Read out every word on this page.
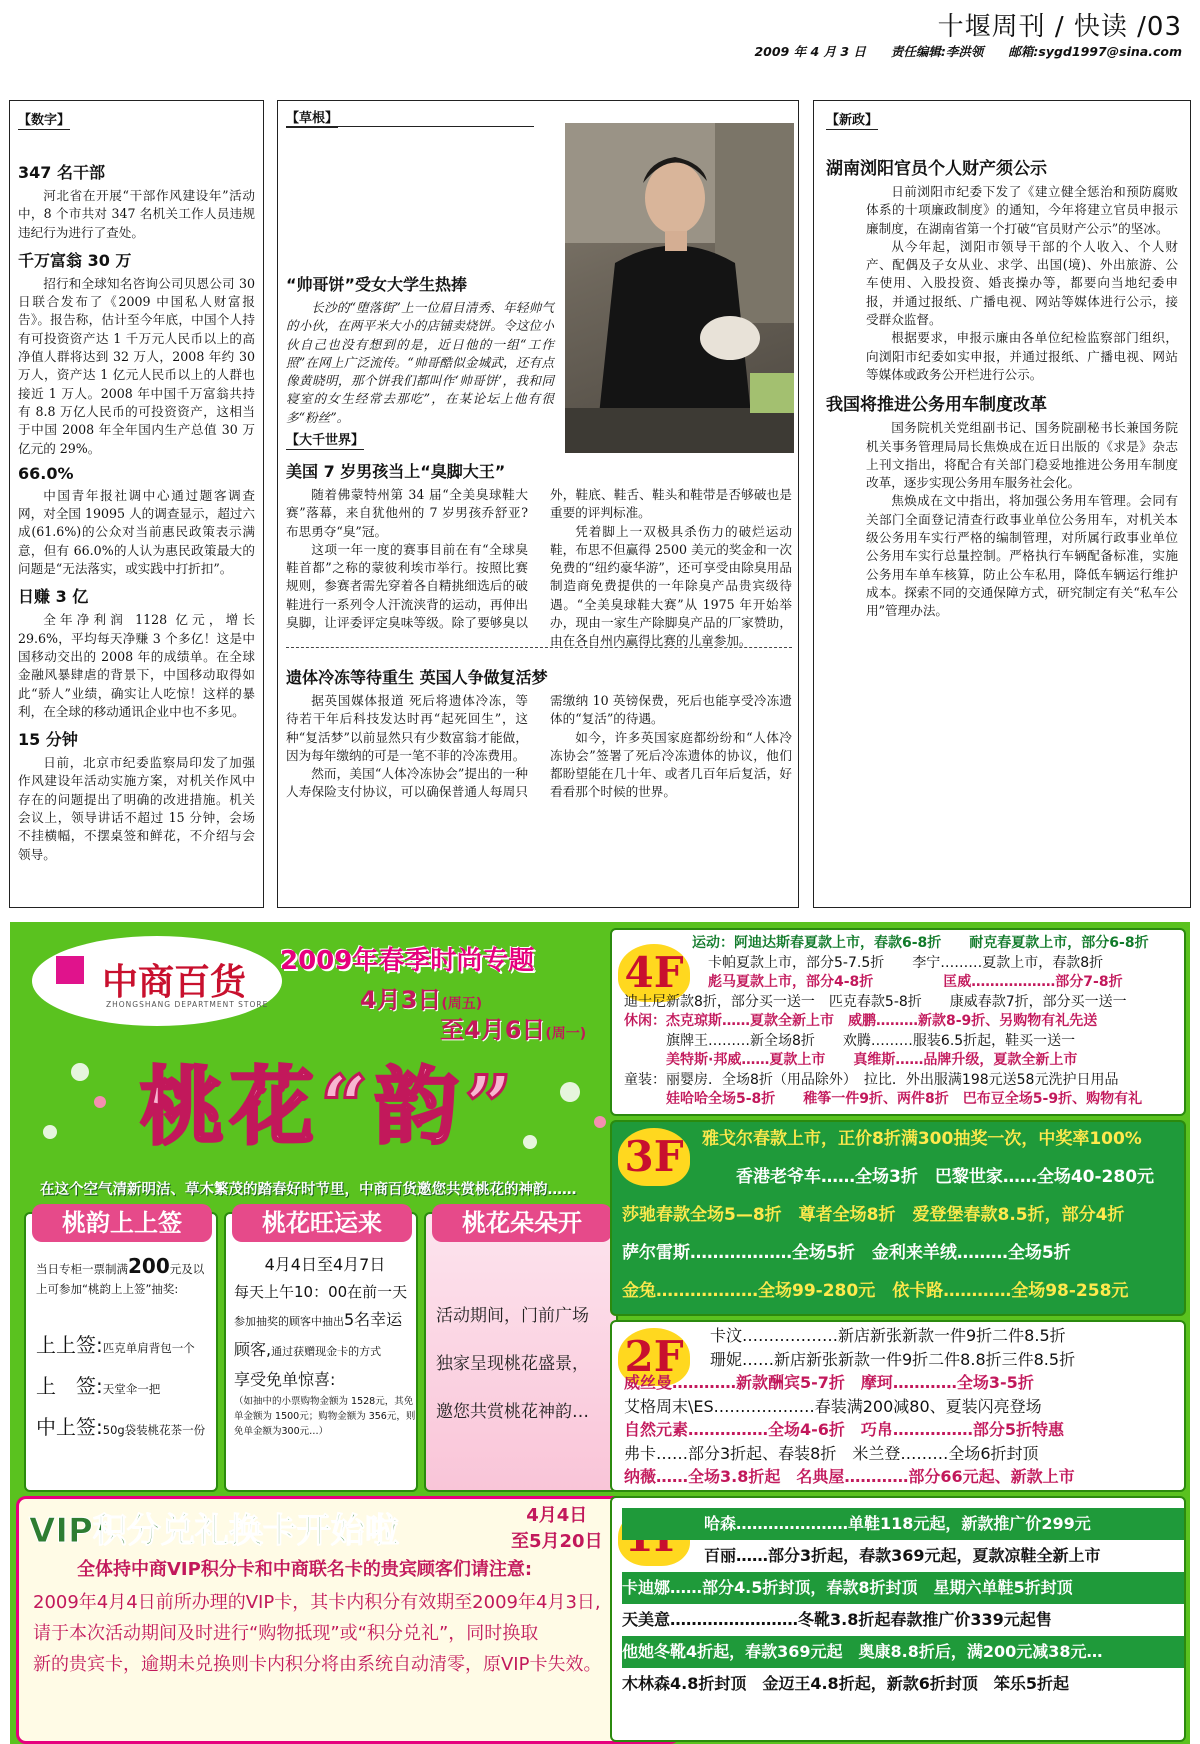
十堰周刊 / 快读 /03
2009 年 4 月 3 日　　责任编辑:李洪领　　邮箱:sygd1997@sina.com
【数字】
347 名干部

河北省在开展“干部作风建设年”活动中，8 个市共对 347 名机关工作人员违规违纪行为进行了查处。

千万富翁 30 万

招行和全球知名咨询公司贝恩公司 30 日联合发布了《2009 中国私人财富报告》。报告称，估计至今年底，中国个人持有可投资资产达 1 千万元人民币以上的高净值人群将达到 32 万人，2008 年约 30 万人，资产达 1 亿元人民币以上的人群也接近 1 万人。2008 年中国千万富翁共持有 8.8 万亿人民币的可投资资产，这相当于中国 2008 年全年国内生产总值 30 万亿元的 29%。

66.0%

中国青年报社调中心通过题客调查网，对全国 19095 人的调查显示，超过六成(61.6%)的公众对当前惠民政策表示满意，但有 66.0%的人认为惠民政策最大的问题是“无法落实，或实践中打折扣”。

日赚 3 亿

全年净利润 1128 亿元，增长 29.6%，平均每天净赚 3 个多亿！这是中国移动交出的 2008 年的成绩单。在全球金融风暴肆虐的背景下，中国移动取得如此“骄人”业绩，确实让人吃惊！这样的暴利，在全球的移动通讯企业中也不多见。

15 分钟

日前，北京市纪委监察局印发了加强作风建设年活动实施方案，对机关作风中存在的问题提出了明确的改进措施。机关会议上，领导讲话不超过 15 分钟，会场不挂横幅，不摆桌签和鲜花，不介绍与会领导。

【草根】
“帅哥饼”受女大学生热捧

长沙的“堕落街”上一位眉目清秀、年轻帅气的小伙，在两平米大小的店铺卖烧饼。令这位小伙自己也没有想到的是，近日他的一组“工作照”在网上广泛流传。“帅哥酷似金城武，还有点像黄晓明，那个饼我们都叫作‘帅哥饼’，我和同寝室的女生经常去那吃”，在某论坛上他有很多“粉丝”。

【大千世界】
美国 7 岁男孩当上“臭脚大王”

随着佛蒙特州第 34 届“全美臭球鞋大赛”落幕，来自犹他州的 7 岁男孩乔舒亚?布思勇夺“臭”冠。

这项一年一度的赛事目前在有“全球臭鞋首都”之称的蒙彼利埃市举行。按照比赛规则，参赛者需先穿着各自精挑细选后的破鞋进行一系列令人汗流浃背的运动，再伸出臭脚，让评委评定臭味等级。除了要够臭以外，鞋底、鞋舌、鞋头和鞋带是否够破也是重要的评判标准。

凭着脚上一双极具杀伤力的破烂运动鞋，布思不但赢得 2500 美元的奖金和一次免费的“纽约豪华游”，还可享受由除臭用品制造商免费提供的一年除臭产品贵宾级待遇。“全美臭球鞋大赛”从 1975 年开始举办，现由一家生产除脚臭产品的厂家赞助，由在各自州内赢得比赛的儿童参加。

遗体冷冻等待重生 英国人争做复活梦

据英国媒体报道 死后将遗体冷冻，等待若干年后科技发达时再“起死回生”，这种“复活梦”以前显然只有少数富翁才能做，因为每年缴纳的可是一笔不菲的冷冻费用。

然而，美国“人体冷冻协会”提出的一种人寿保险支付协议，可以确保普通人每周只需缴纳 10 英镑保费，死后也能享受冷冻遗体的“复活”的待遇。

如今，许多英国家庭都纷纷和“人体冷冻协会”签署了死后冷冻遗体的协议，他们都盼望能在几十年、或者几百年后复活，好看看那个时候的世界。

【新政】
湖南浏阳官员个人财产须公示

日前浏阳市纪委下发了《建立健全惩治和预防腐败体系的十项廉政制度》的通知，今年将建立官员申报示廉制度，在湖南省第一个打破“官员财产公示”的坚冰。

从今年起，浏阳市领导干部的个人收入、个人财产、配偶及子女从业、求学、出国(境)、外出旅游、公车使用、入股投资、婚丧操办等，都要向当地纪委申报，并通过报纸、广播电视、网站等媒体进行公示，接受群众监督。

根据要求，申报示廉由各单位纪检监察部门组织，向浏阳市纪委如实申报，并通过报纸、广播电视、网站等媒体或政务公开栏进行公示。

我国将推进公务用车制度改革

国务院机关党组副书记、国务院副秘书长兼国务院机关事务管理局局长焦焕成在近日出版的《求是》杂志上刊文指出，将配合有关部门稳妥地推进公务用车制度改革，逐步实现公务用车服务社会化。

焦焕成在文中指出，将加强公务用车管理。会同有关部门全面登记清查行政事业单位公务用车，对机关本级公务用车实行严格的编制管理，对所属行政事业单位公务用车实行总量控制。严格执行车辆配备标准，实施公务用车单车核算，防止公车私用，降低车辆运行维护成本。探索不同的交通保障方式，研究制定有关“私车公用”管理办法。

中商百货
ZHONGSHANG DEPARTMENT STORE
2009年春季时尚专题
4月3日(周五)
至4月6日(周一)
桃花“韵”
在这个空气清新明洁、草木繁茂的踏春好时节里，中商百货邀您共赏桃花的神韵……
桃韵上上签
当日专柜一票制满200元及以上可参加“桃韵上上签”抽奖:
上上签:匹克单肩背包一个
上　签:天堂伞一把
中上签:50g袋装桃花茶一份
桃花旺运来
4月4日至4月7日
每天上午10：00在前一天
参加抽奖的顾客中抽出5名幸运
顾客,通过获赠现金卡的方式
享受免单惊喜:
（如抽中的小票购物金额为 1528元，其免单金额为 1500元；购物金额为 356元，则免单金额为300元…）
桃花朵朵开
活动期间，门前广场
独家呈现桃花盛景，
邀您共赏桃花神韵…
VIP积分兑礼换卡开始啦	4月4日
至5月20日
全体持中商VIP积分卡和中商联名卡的贵宾顾客们请注意:
2009年4月4日前所办理的VIP卡，其卡内积分有效期至2009年4月3日,
请于本次活动期间及时进行“购物抵现”或“积分兑礼”，同时换取
新的贵宾卡，逾期未兑换则卡内积分将由系统自动清零，原VIP卡失效。
4F
运动：阿迪达斯春夏款上市，春款6-8折　　耐克春夏款上市，部分6-8折
　　　　卡帕夏款上市，部分5-7.5折　　李宁………夏款上市，春款8折
　　　　彪马夏款上市，部分4-8折　　　　　匡威………………部分7-8折
迪士尼新款8折，部分买一送一　匹克春款5-8折　　康威春款7折，部分买一送一
休闲：杰克琼斯……夏款全新上市　威鹏………新款8-9折、另购物有礼先送
　　　旗牌王………新全场8折　　欢腾………服装6.5折起，鞋买一送一
　　　美特斯·邦威……夏款上市　　真维斯……品牌升级，夏款全新上市
童装：丽婴房．全场8折（用品除外）　拉比．外出服满198元送58元洗护日用品
　　　娃哈哈全场5-8折　　稚筝一件9折、两件8折　巴布豆全场5-9折、购物有礼
3F	雅戈尔春款上市，正价8折满300抽奖一次，中奖率100%
　　香港老爷车……全场3折　巴黎世家……全场40-280元
莎驰春款全场5—8折　尊者全场8折　爱登堡春款8.5折，部分4折
萨尔雷斯………………全场5折　金利来羊绒………全场5折
金兔………………全场99-280元　依卡路…………全场98-258元
2F 　卡汶………………新店新张新款一件9折二件8.5折
　珊妮……新店新张新款一件9折二件8.8折三件8.5折
威丝曼…………新款酬宾5-7折　摩珂…………全场3-5折
艾格周末\ES.………………春装满200减80、夏装闪亮登场
自然元素……………全场4-6折　巧帛……………部分5折特惠
弗卡……部分3折起、春装8折　米兰登………全场6折封顶
纳薇……全场3.8折起　名典屋…………部分66元起、新款上市
　哈森…………………单鞋118元起，新款推广价299元
　百丽……部分3折起，春款369元起，夏款凉鞋全新上市
卡迪娜……部分4.5折封顶，春款8折封顶　星期六单鞋5折封顶
天美意……………………冬靴3.8折起春款推广价339元起售
他她冬靴4折起，春款369元起　奥康8.8折后，满200元减38元…
木林森4.8折封顶　金迈王4.8折起，新款6折封顶　笨乐5折起
